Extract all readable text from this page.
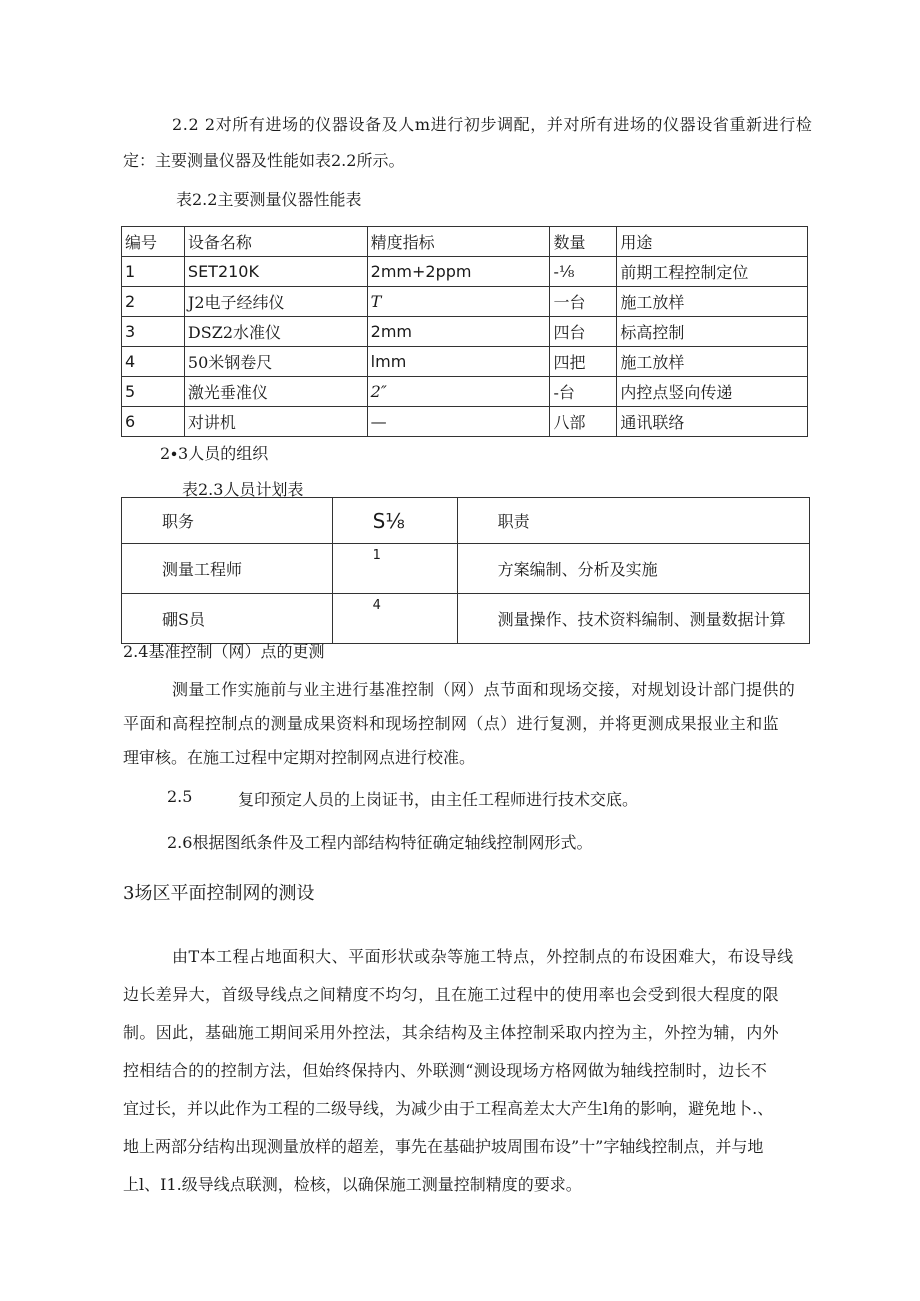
2.2 2对所有进场的仪器设备及人m进行初步调配，并对所有进场的仪器设省重新进行检
定：主要测量仪器及性能如表2.2所示。
表2.2主要测量仪器性能表
编号	设备名称	精度指标	数量	用途
1	SET210K	2mm+2ppm	-⅛	前期工程控制定位
2	J2电子经纬仪	T	一台	施工放样
3	DSZ2水准仪	2mm	四台	标高控制
4	50米钢卷尺	lmm	四把	施工放样
5	激光垂准仪	2″	-台	内控点竖向传递
6	对讲机	—	八部	通讯联络
2∙3人员的组织
表2.3人员计划表
职务	S⅛	职责
测量工程师	1	方案编制、分析及实施
硼S员	4	测量操作、技术资料编制、测量数据计算
2.4基准控制（网）点的更测
测量工作实施前与业主进行基准控制（网）点节面和现场交接，对规划设计部门提供的
平面和高程控制点的测量成果资料和现场控制网（点）进行复测，并将更测成果报业主和监
理审核。在施工过程中定期对控制网点进行校准。
2.5	复印预定人员的上岗证书，由主任工程师进行技术交底。
2.6根据图纸条件及工程内部结构特征确定轴线控制网形式。
3场区平面控制网的测设
由T本工程占地面积大、平面形状或杂等施工特点，外控制点的布设困难大，布设导线
边长差异大，首级导线点之间精度不均匀，且在施工过程中的使用率也会受到很大程度的限
制。因此，基础施工期间采用外控法，其余结构及主体控制采取内控为主，外控为辅，内外
控相结合的的控制方法，但始终保持内、外联测“测设现场方格网做为轴线控制时，边长不
宜过长，并以此作为工程的二级导线，为减少由于工程高差太大产生l角的影响，避免地卜.、
地上两部分结构出现测量放样的超差，事先在基础护坡周围布设”十”字轴线控制点，并与地
上l、I1.级导线点联测，检核，以确保施工测量控制精度的要求。
